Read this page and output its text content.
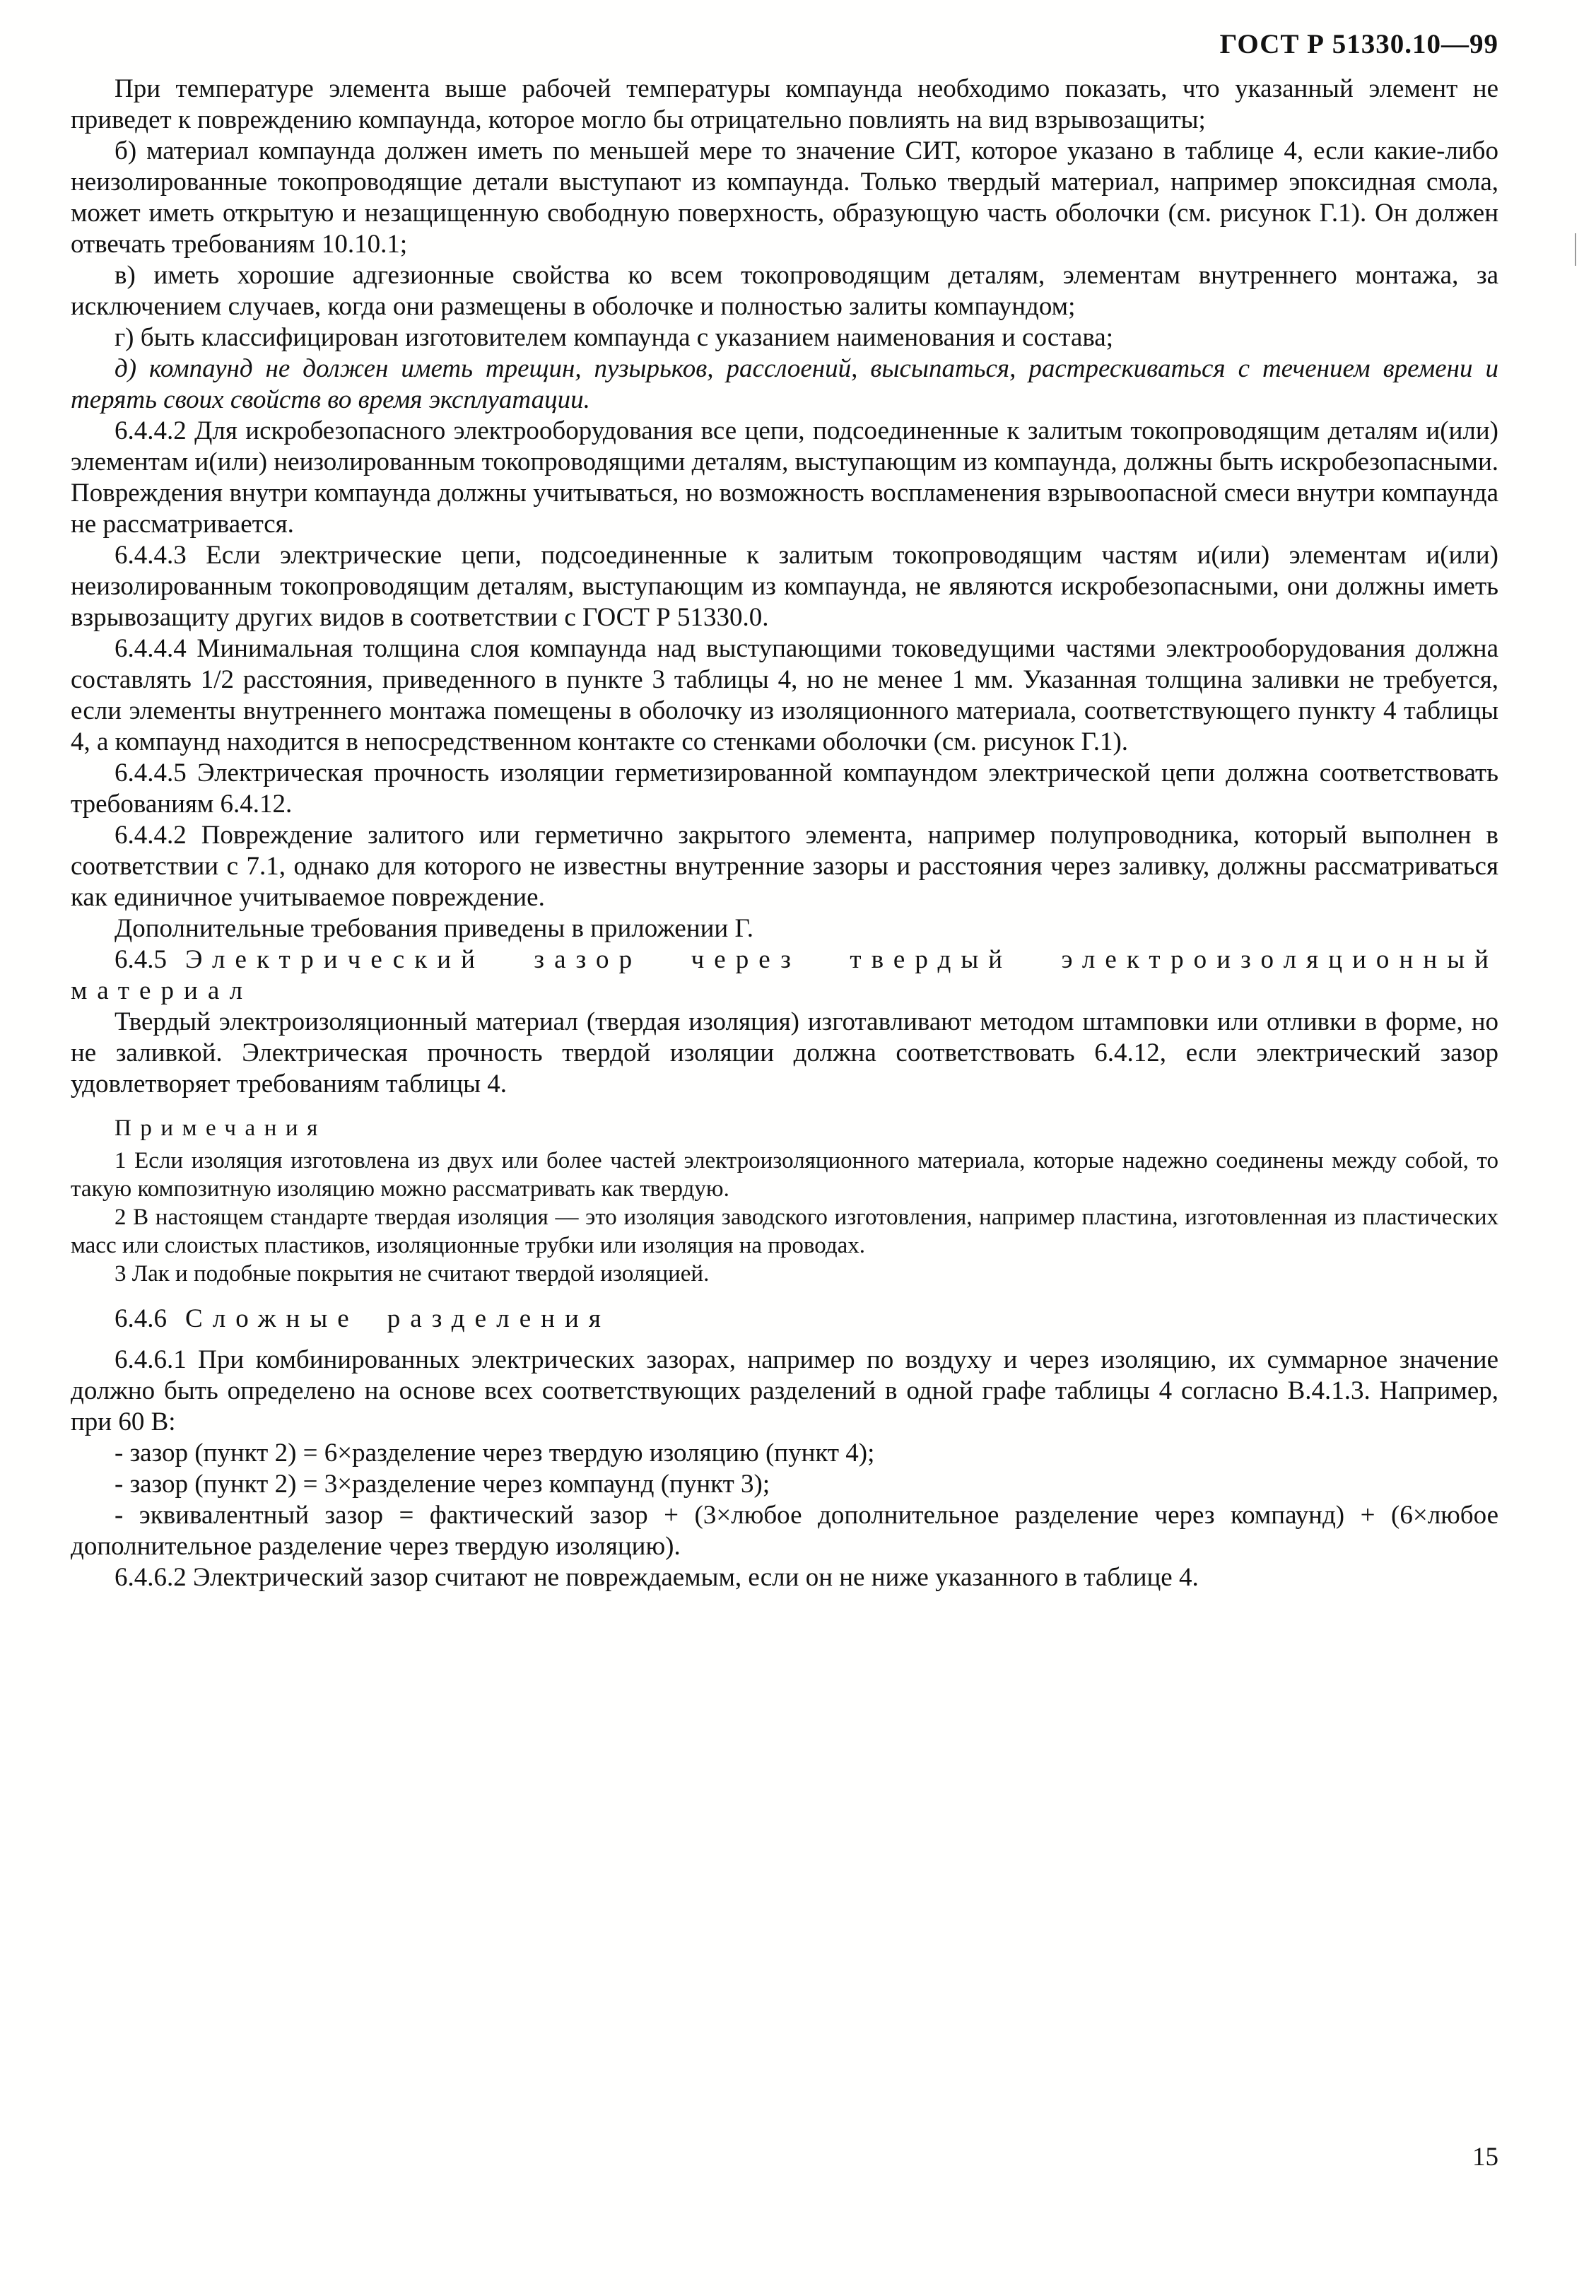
ГОСТ Р 51330.10—99

При температуре элемента выше рабочей температуры компаунда необходимо показать, что указанный элемент не приведет к повреждению компаунда, которое могло бы отрицательно повлиять на вид взрывозащиты;

б) материал компаунда должен иметь по меньшей мере то значение СИТ, которое указано в таблице 4, если какие-либо неизолированные токопроводящие детали выступают из компаунда. Только твердый материал, например эпоксидная смола, может иметь открытую и незащищенную свободную поверхность, образующую часть оболочки (см. рисунок Г.1). Он должен отвечать требованиям 10.10.1;

в) иметь хорошие адгезионные свойства ко всем токопроводящим деталям, элементам внутреннего монтажа, за исключением случаев, когда они размещены в оболочке и полностью залиты компаундом;

г) быть классифицирован изготовителем компаунда с указанием наименования и состава;

д) компаунд не должен иметь трещин, пузырьков, расслоений, высыпаться, растрескиваться с течением времени и терять своих свойств во время эксплуатации.

6.4.4.2 Для искробезопасного электрооборудования все цепи, подсоединенные к залитым токопроводящим деталям и(или) элементам и(или) неизолированным токопроводящими деталям, выступающим из компаунда, должны быть искробезопасными. Повреждения внутри компаунда должны учитываться, но возможность воспламенения взрывоопасной смеси внутри компаунда не рассматривается.

6.4.4.3 Если электрические цепи, подсоединенные к залитым токопроводящим частям и(или) элементам и(или) неизолированным токопроводящим деталям, выступающим из компаунда, не являются искробезопасными, они должны иметь взрывозащиту других видов в соответствии с ГОСТ Р 51330.0.

6.4.4.4 Минимальная толщина слоя компаунда над выступающими токоведущими частями электрооборудования должна составлять 1/2 расстояния, приведенного в пункте 3 таблицы 4, но не менее 1 мм. Указанная толщина заливки не требуется, если элементы внутреннего монтажа помещены в оболочку из изоляционного материала, соответствующего пункту 4 таблицы 4, а компаунд находится в непосредственном контакте со стенками оболочки (см. рисунок Г.1).

6.4.4.5 Электрическая прочность изоляции герметизированной компаундом электрической цепи должна соответствовать требованиям 6.4.12.

6.4.4.2 Повреждение залитого или герметично закрытого элемента, например полупроводника, который выполнен в соответствии с 7.1, однако для которого не известны внутренние зазоры и расстояния через заливку, должны рассматриваться как единичное учитываемое повреждение.

Дополнительные требования приведены в приложении Г.

6.4.5 Электрический зазор через твердый электроизоляционный материал

Твердый электроизоляционный материал (твердая изоляция) изготавливают методом штамповки или отливки в форме, но не заливкой. Электрическая прочность твердой изоляции должна соответствовать 6.4.12, если электрический зазор удовлетворяет требованиям таблицы 4.

Примечания

1 Если изоляция изготовлена из двух или более частей электроизоляционного материала, которые надежно соединены между собой, то такую композитную изоляцию можно рассматривать как твердую.

2 В настоящем стандарте твердая изоляция — это изоляция заводского изготовления, например пластина, изготовленная из пластических масс или слоистых пластиков, изоляционные трубки или изоляция на проводах.

3 Лак и подобные покрытия не считают твердой изоляцией.

6.4.6 Сложные разделения

6.4.6.1 При комбинированных электрических зазорах, например по воздуху и через изоляцию, их суммарное значение должно быть определено на основе всех соответствующих разделений в одной графе таблицы 4 согласно В.4.1.3. Например, при 60 В:

- зазор (пункт 2) = 6×разделение через твердую изоляцию (пункт 4);

- зазор (пункт 2) = 3×разделение через компаунд (пункт 3);

- эквивалентный зазор = фактический зазор + (3×любое дополнительное разделение через компаунд) + (6×любое дополнительное разделение через твердую изоляцию).

6.4.6.2 Электрический зазор считают не повреждаемым, если он не ниже указанного в таблице 4.

15
